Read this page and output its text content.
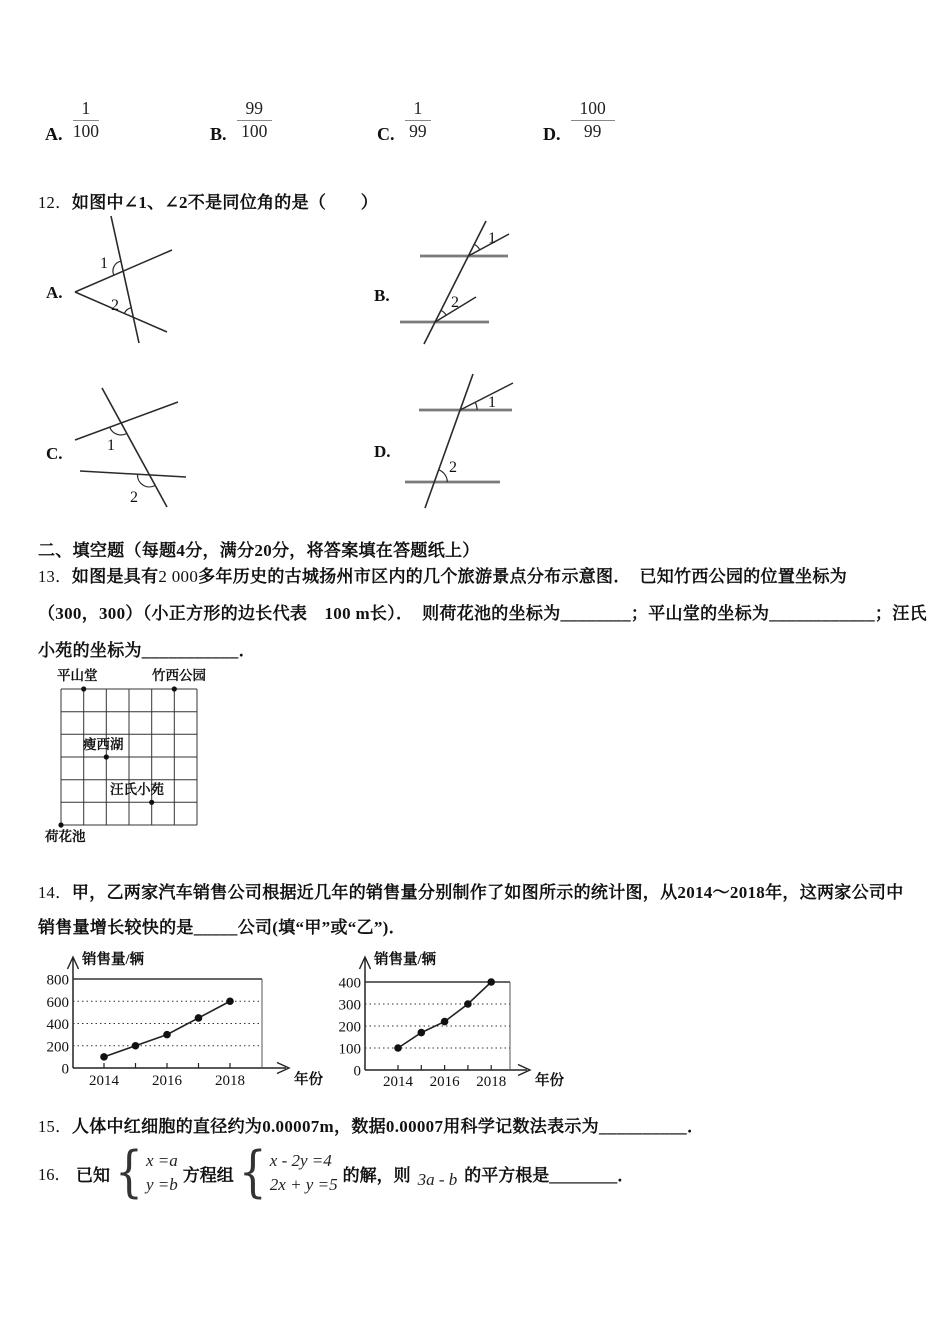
A. $\frac{1}{100}$	B. $\frac{99}{100}$	C. $\frac{1}{99}$	D. $\frac{100}{99}$
12．如图中∠1、∠2不是同位角的是（　　）
A.	B.
C.	D.
1
2
1
2
1
2
1
2
二、填空题（每题4分，满分20分，将答案填在答题纸上）
13．如图是具有2 000多年历史的古城扬州市区内的几个旅游景点分布示意图．　已知竹西公园的位置坐标为
（300，300）（小正方形的边长代表　100 m长）．　则荷花池的坐标为________；平山堂的坐标为____________；汪氏
小苑的坐标为___________．
平山堂	竹西公园
瘦西湖
汪氏小苑
荷花池
14．甲，乙两家汽车销售公司根据近几年的销售量分别制作了如图所示的统计图，从2014～2018年，这两家公司中
销售量增长较快的是_____公司(填“甲”或“乙”)．
销售量/辆
年份
0
200
400
600
800
2014 2016 2018
销售量/辆
年份
0
100
200
300
400
2014 2016 2018
15．人体中红细胞的直径约为0.00007m，数据0.00007用科学记数法表示为__________．
16． 已知 { x =a
y =b 方程组 { x - 2y =4
2x + y =5 的解，则 3a - b 的平方根是________．
